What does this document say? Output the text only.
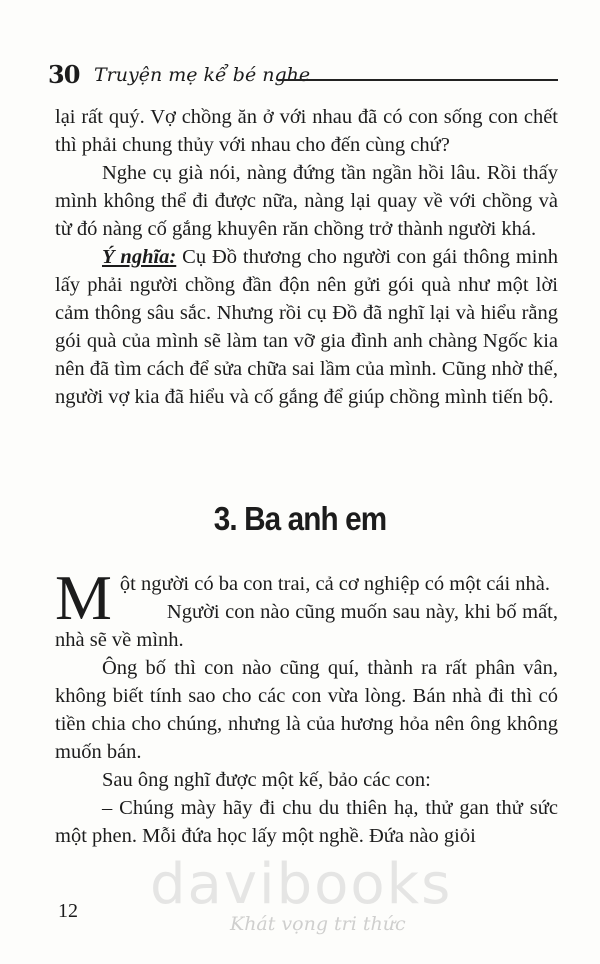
30 Truyện mẹ kể bé nghe

lại rất quý. Vợ chồng ăn ở với nhau đã có con sống con chết thì phải chung thủy với nhau cho đến cùng chứ?

Nghe cụ già nói, nàng đứng tần ngần hồi lâu. Rồi thấy mình không thể đi được nữa, nàng lại quay về với chồng và từ đó nàng cố gắng khuyên răn chồng trở thành người khá.

Ý nghĩa: Cụ Đồ thương cho người con gái thông minh lấy phải người chồng đần độn nên gửi gói quà như một lời cảm thông sâu sắc. Nhưng rồi cụ Đồ đã nghĩ lại và hiểu rằng gói quà của mình sẽ làm tan vỡ gia đình anh chàng Ngốc kia nên đã tìm cách để sửa chữa sai lầm của mình. Cũng nhờ thế, người vợ kia đã hiểu và cố gắng để giúp chồng mình tiến bộ.

3. Ba anh em

Một người có ba con trai, cả cơ nghiệp có một cái nhà.

Người con nào cũng muốn sau này, khi bố mất, nhà sẽ về mình.

Ông bố thì con nào cũng quí, thành ra rất phân vân, không biết tính sao cho các con vừa lòng. Bán nhà đi thì có tiền chia cho chúng, nhưng là của hương hỏa nên ông không muốn bán.

Sau ông nghĩ được một kế, bảo các con:

– Chúng mày hãy đi chu du thiên hạ, thử gan thử sức một phen. Mỗi đứa học lấy một nghề. Đứa nào giỏi

12 davibooks
Khát vọng tri thức
